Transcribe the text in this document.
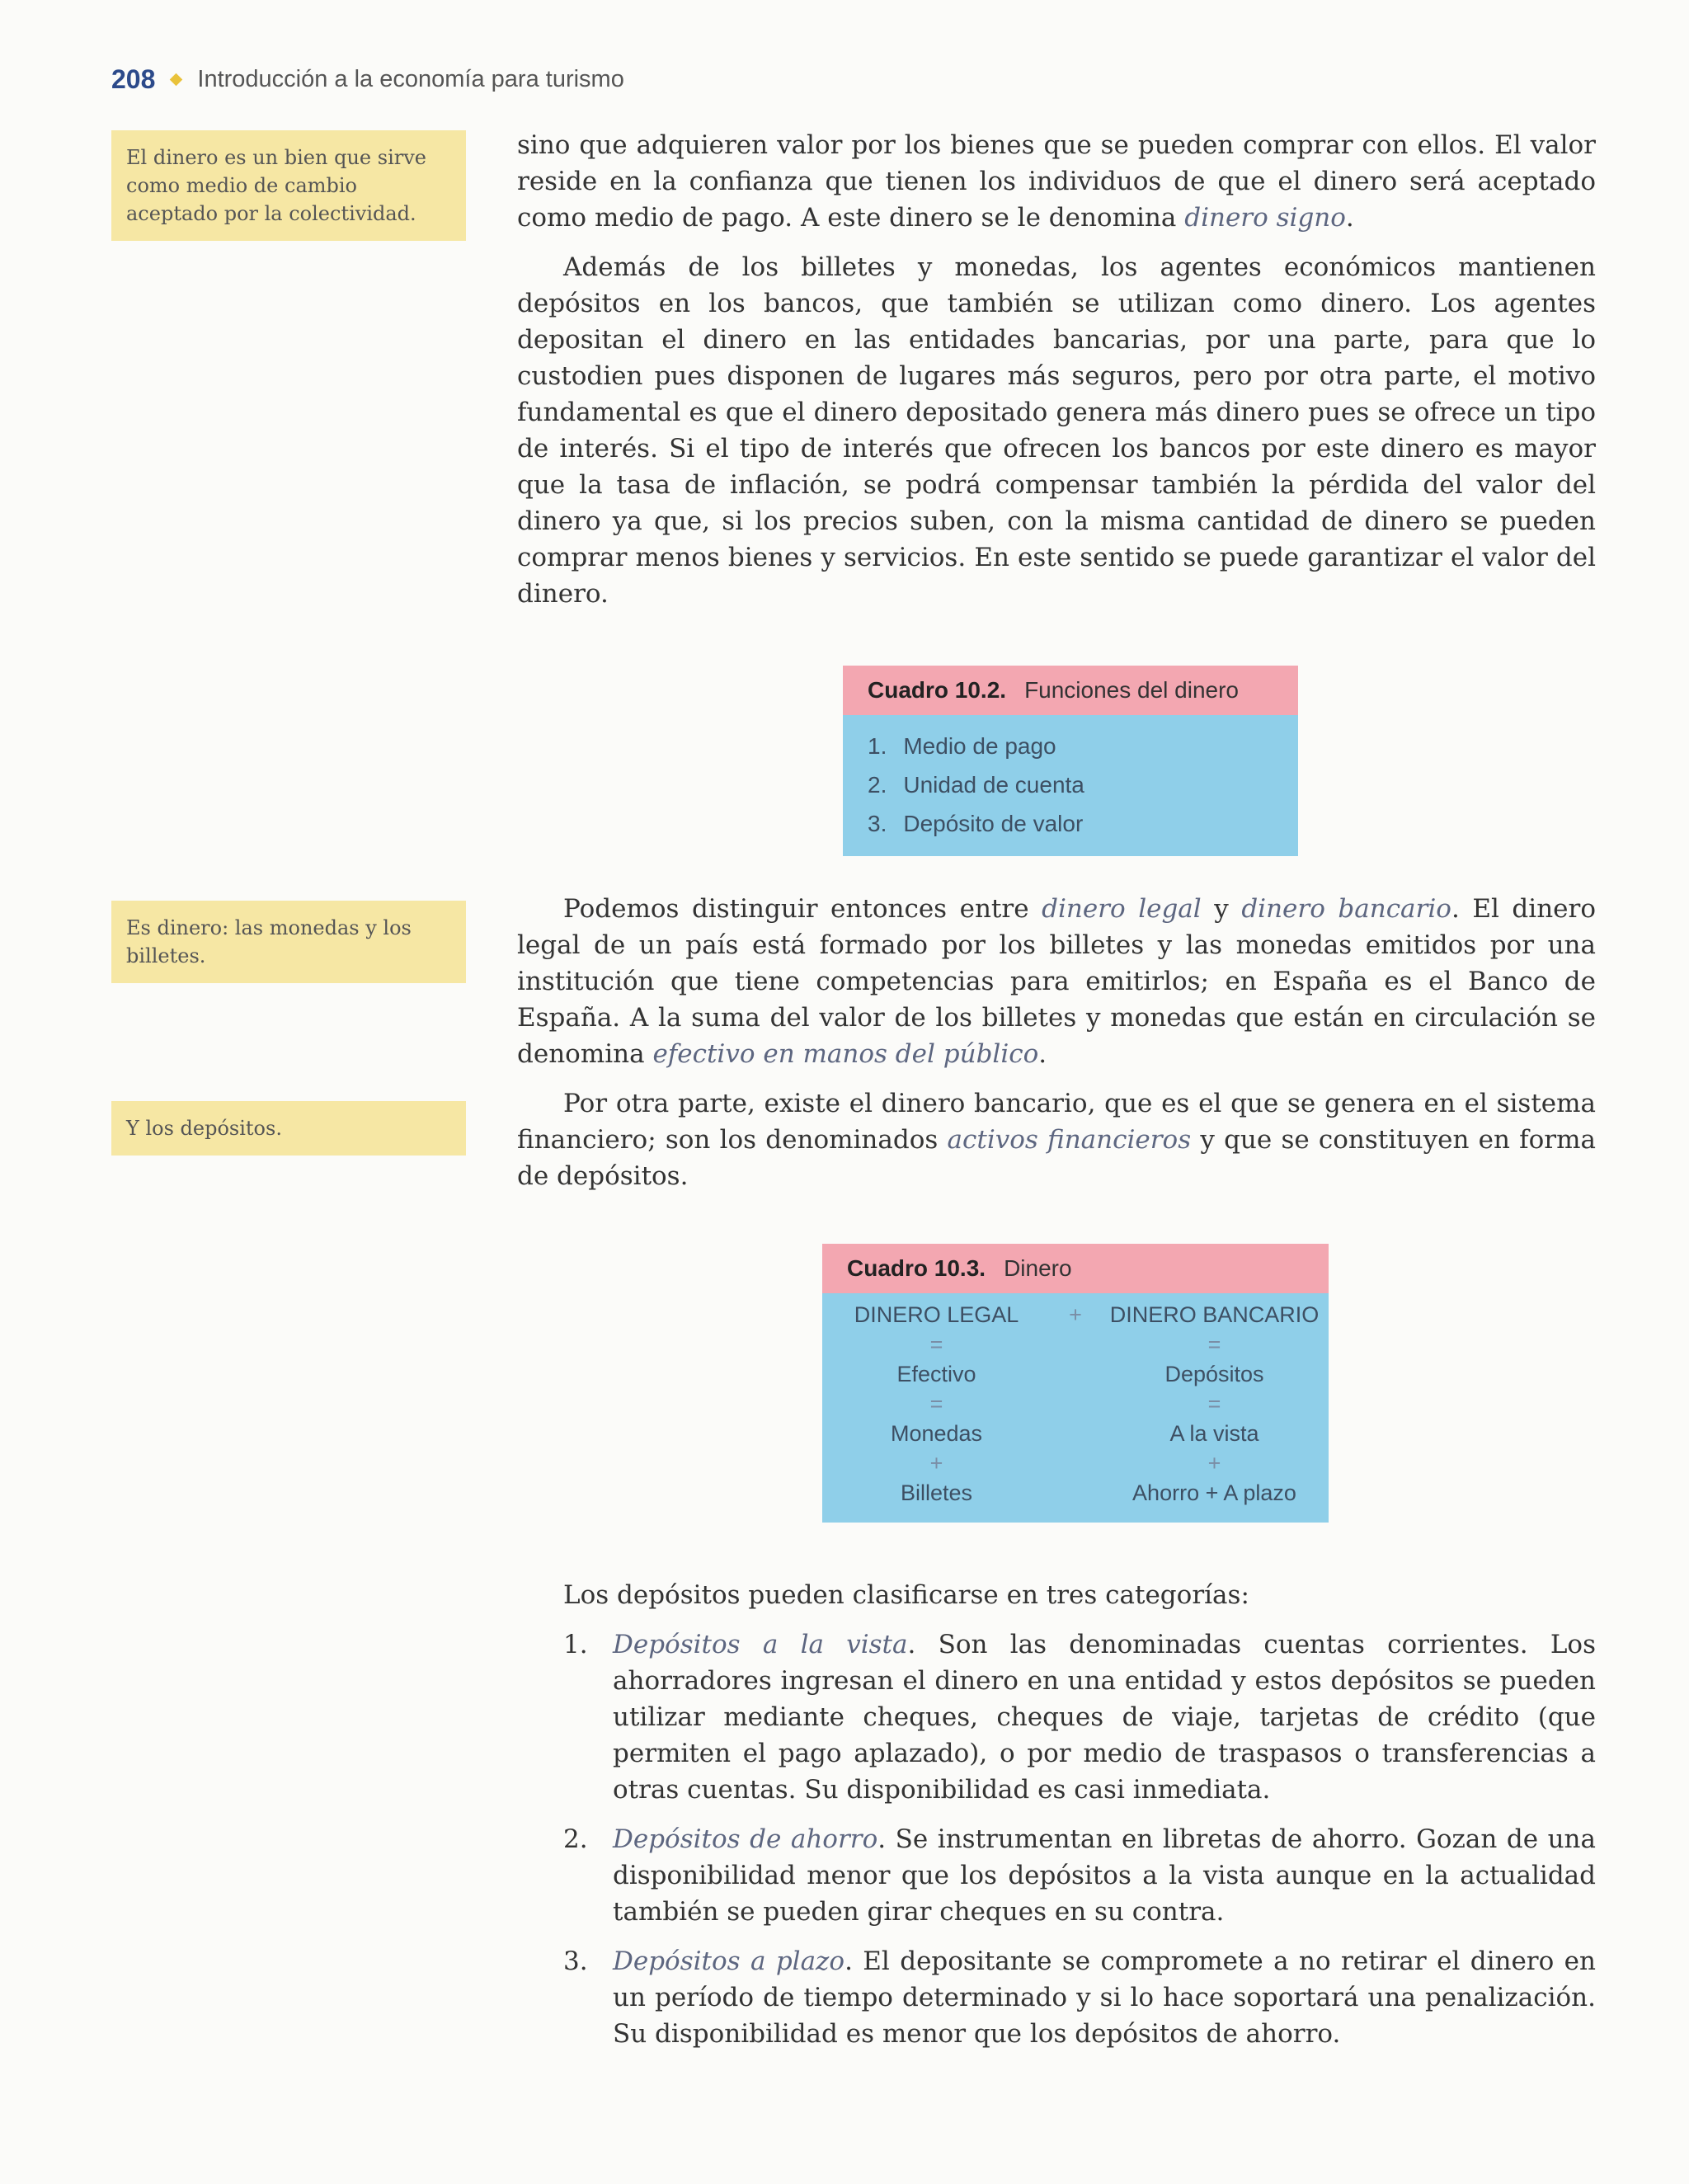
208 Introducción a la economía para turismo
El dinero es un bien que sirve como medio de cambio aceptado por la colectividad.
Es dinero: las monedas y los billetes.
Y los depósitos.

sino que adquieren valor por los bienes que se pueden comprar con ellos. El valor reside en la confianza que tienen los individuos de que el dinero será aceptado como medio de pago. A este dinero se le denomina dinero signo.

Además de los billetes y monedas, los agentes económicos mantienen depósitos en los bancos, que también se utilizan como dinero. Los agentes depositan el dinero en las entidades bancarias, por una parte, para que lo custodien pues disponen de lugares más seguros, pero por otra parte, el motivo fundamental es que el dinero depositado genera más dinero pues se ofrece un tipo de interés. Si el tipo de interés que ofrecen los bancos por este dinero es mayor que la tasa de inflación, se podrá compensar también la pérdida del valor del dinero ya que, si los precios suben, con la misma cantidad de dinero se pueden comprar menos bienes y servicios. En este sentido se puede garantizar el valor del dinero.

Cuadro 10.2. Funciones del dinero
1. Medio de pago
2. Unidad de cuenta
3. Depósito de valor

Podemos distinguir entonces entre dinero legal y dinero bancario. El dinero legal de un país está formado por los billetes y las monedas emitidos por una institución que tiene competencias para emitirlos; en España es el Banco de España. A la suma del valor de los billetes y monedas que están en circulación se denomina efectivo en manos del público.

Por otra parte, existe el dinero bancario, que es el que se genera en el sistema financiero; son los denominados activos financieros y que se constituyen en forma de depósitos.

Cuadro 10.3. Dinero
DINERO LEGAL	+	DINERO BANCARIO
=	=
Efectivo	Depósitos
=	=
Monedas	A la vista
+	+
Billetes	Ahorro + A plazo

Los depósitos pueden clasificarse en tres categorías:

1. Depósitos a la vista. Son las denominadas cuentas corrientes. Los ahorradores ingresan el dinero en una entidad y estos depósitos se pueden utilizar mediante cheques, cheques de viaje, tarjetas de crédito (que permiten el pago aplazado), o por medio de traspasos o transferencias a otras cuentas. Su disponibilidad es casi inmediata.
2. Depósitos de ahorro. Se instrumentan en libretas de ahorro. Gozan de una disponibilidad menor que los depósitos a la vista aunque en la actualidad también se pueden girar cheques en su contra.
3. Depósitos a plazo. El depositante se compromete a no retirar el dinero en un período de tiempo determinado y si lo hace soportará una penalización. Su disponibilidad es menor que los depósitos de ahorro.
